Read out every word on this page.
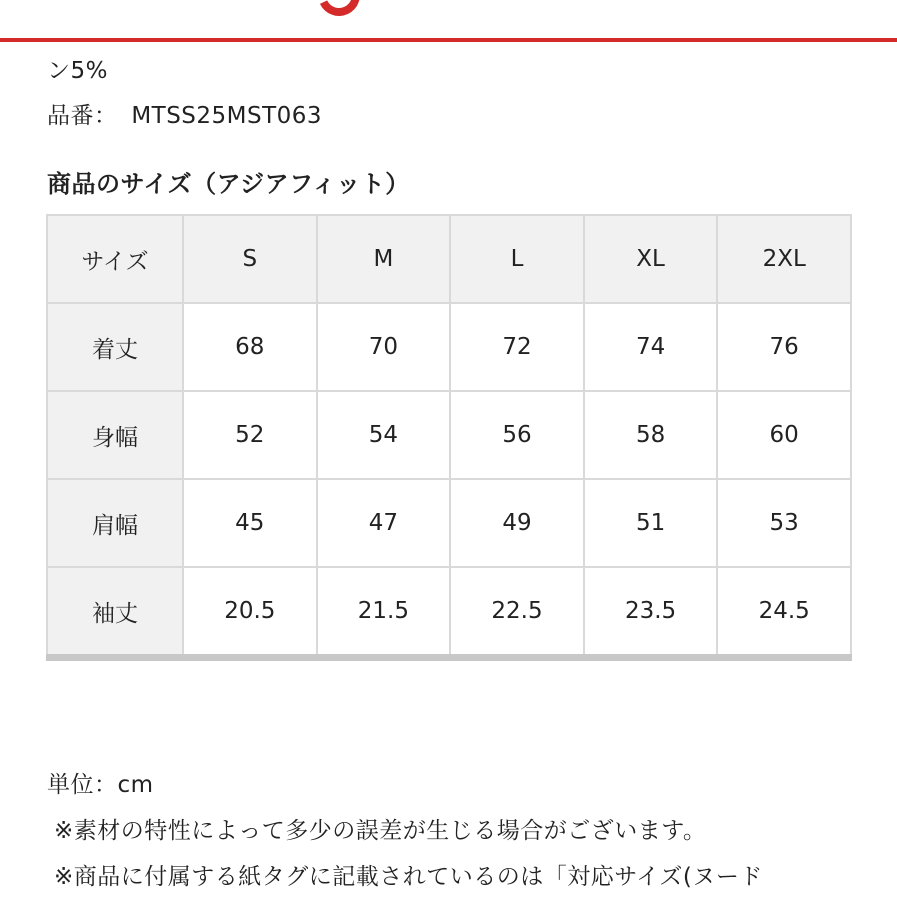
ン5%
品番： MTSS25MST063
商品のサイズ（アジアフィット）
サイズ	S	M	L	XL	2XL
着丈	68	70	72	74	76
身幅	52	54	56	58	60
肩幅	45	47	49	51	53
袖丈	20.5	21.5	22.5	23.5	24.5
単位：cm
※素材の特性によって多少の誤差が生じる場合がございます。
※商品に付属する紙タグに記載されているのは「対応サイズ(ヌード
